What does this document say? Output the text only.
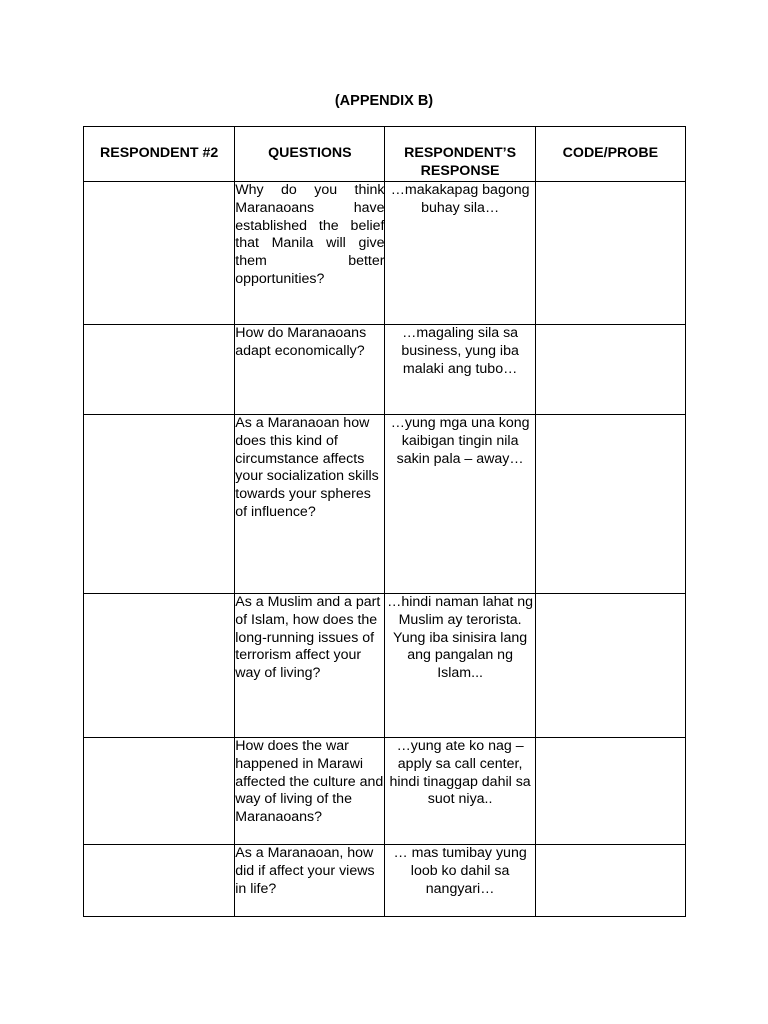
(APPENDIX B)
RESPONDENT #2	QUESTIONS	RESPONDENT’S RESPONSE	CODE/PROBE
	Why do you think Maranaoans have established the belief that Manila will give them better opportunities?	…makakapag bagong buhay sila…	
	How do Maranaoans adapt economically?	…magaling sila sa business, yung iba malaki ang tubo…	
	As a Maranaoan how does this kind of circumstance affects your socialization skills towards your spheres of influence?	…yung mga una kong kaibigan tingin nila sakin pala – away…	
	As a Muslim and a part of Islam, how does the long-running issues of terrorism affect your way of living?	…hindi naman lahat ng Muslim ay terorista. Yung iba sinisira lang ang pangalan ng Islam...	
	How does the war happened in Marawi affected the culture and way of living of the Maranaoans?	…yung ate ko nag – apply sa call center, hindi tinaggap dahil sa suot niya..	
	As a Maranaoan, how did if affect your views in life?	… mas tumibay yung loob ko dahil sa nangyari…	
